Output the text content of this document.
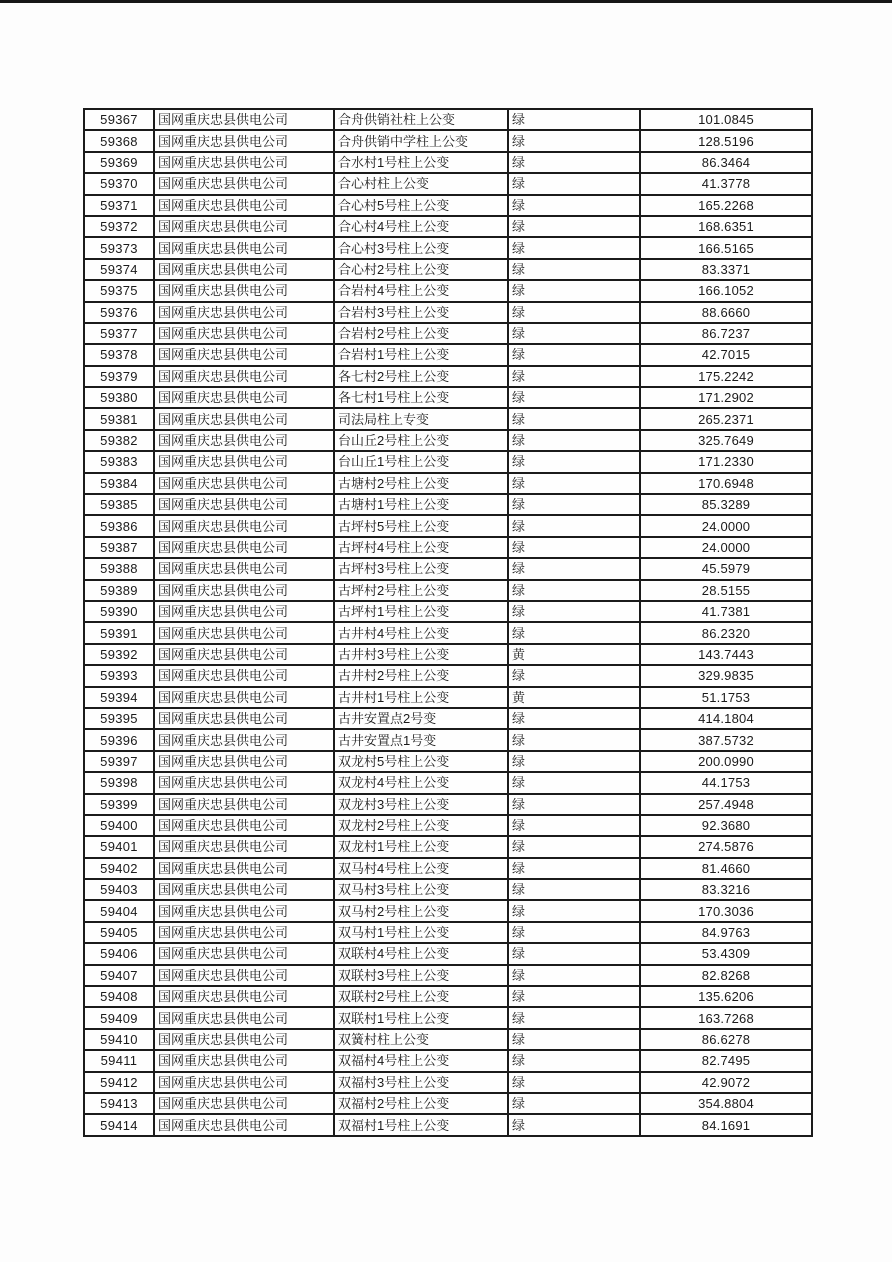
59367	国网重庆忠县供电公司	合舟供销社柱上公变	绿	101.0845
59368	国网重庆忠县供电公司	合舟供销中学柱上公变	绿	128.5196
59369	国网重庆忠县供电公司	合水村1号柱上公变	绿	86.3464
59370	国网重庆忠县供电公司	合心村柱上公变	绿	41.3778
59371	国网重庆忠县供电公司	合心村5号柱上公变	绿	165.2268
59372	国网重庆忠县供电公司	合心村4号柱上公变	绿	168.6351
59373	国网重庆忠县供电公司	合心村3号柱上公变	绿	166.5165
59374	国网重庆忠县供电公司	合心村2号柱上公变	绿	83.3371
59375	国网重庆忠县供电公司	合岩村4号柱上公变	绿	166.1052
59376	国网重庆忠县供电公司	合岩村3号柱上公变	绿	88.6660
59377	国网重庆忠县供电公司	合岩村2号柱上公变	绿	86.7237
59378	国网重庆忠县供电公司	合岩村1号柱上公变	绿	42.7015
59379	国网重庆忠县供电公司	各七村2号柱上公变	绿	175.2242
59380	国网重庆忠县供电公司	各七村1号柱上公变	绿	171.2902
59381	国网重庆忠县供电公司	司法局柱上专变	绿	265.2371
59382	国网重庆忠县供电公司	台山丘2号柱上公变	绿	325.7649
59383	国网重庆忠县供电公司	台山丘1号柱上公变	绿	171.2330
59384	国网重庆忠县供电公司	古塘村2号柱上公变	绿	170.6948
59385	国网重庆忠县供电公司	古塘村1号柱上公变	绿	85.3289
59386	国网重庆忠县供电公司	古坪村5号柱上公变	绿	24.0000
59387	国网重庆忠县供电公司	古坪村4号柱上公变	绿	24.0000
59388	国网重庆忠县供电公司	古坪村3号柱上公变	绿	45.5979
59389	国网重庆忠县供电公司	古坪村2号柱上公变	绿	28.5155
59390	国网重庆忠县供电公司	古坪村1号柱上公变	绿	41.7381
59391	国网重庆忠县供电公司	古井村4号柱上公变	绿	86.2320
59392	国网重庆忠县供电公司	古井村3号柱上公变	黄	143.7443
59393	国网重庆忠县供电公司	古井村2号柱上公变	绿	329.9835
59394	国网重庆忠县供电公司	古井村1号柱上公变	黄	51.1753
59395	国网重庆忠县供电公司	古井安置点2号变	绿	414.1804
59396	国网重庆忠县供电公司	古井安置点1号变	绿	387.5732
59397	国网重庆忠县供电公司	双龙村5号柱上公变	绿	200.0990
59398	国网重庆忠县供电公司	双龙村4号柱上公变	绿	44.1753
59399	国网重庆忠县供电公司	双龙村3号柱上公变	绿	257.4948
59400	国网重庆忠县供电公司	双龙村2号柱上公变	绿	92.3680
59401	国网重庆忠县供电公司	双龙村1号柱上公变	绿	274.5876
59402	国网重庆忠县供电公司	双马村4号柱上公变	绿	81.4660
59403	国网重庆忠县供电公司	双马村3号柱上公变	绿	83.3216
59404	国网重庆忠县供电公司	双马村2号柱上公变	绿	170.3036
59405	国网重庆忠县供电公司	双马村1号柱上公变	绿	84.9763
59406	国网重庆忠县供电公司	双联村4号柱上公变	绿	53.4309
59407	国网重庆忠县供电公司	双联村3号柱上公变	绿	82.8268
59408	国网重庆忠县供电公司	双联村2号柱上公变	绿	135.6206
59409	国网重庆忠县供电公司	双联村1号柱上公变	绿	163.7268
59410	国网重庆忠县供电公司	双簧村柱上公变	绿	86.6278
59411	国网重庆忠县供电公司	双福村4号柱上公变	绿	82.7495
59412	国网重庆忠县供电公司	双福村3号柱上公变	绿	42.9072
59413	国网重庆忠县供电公司	双福村2号柱上公变	绿	354.8804
59414	国网重庆忠县供电公司	双福村1号柱上公变	绿	84.1691
